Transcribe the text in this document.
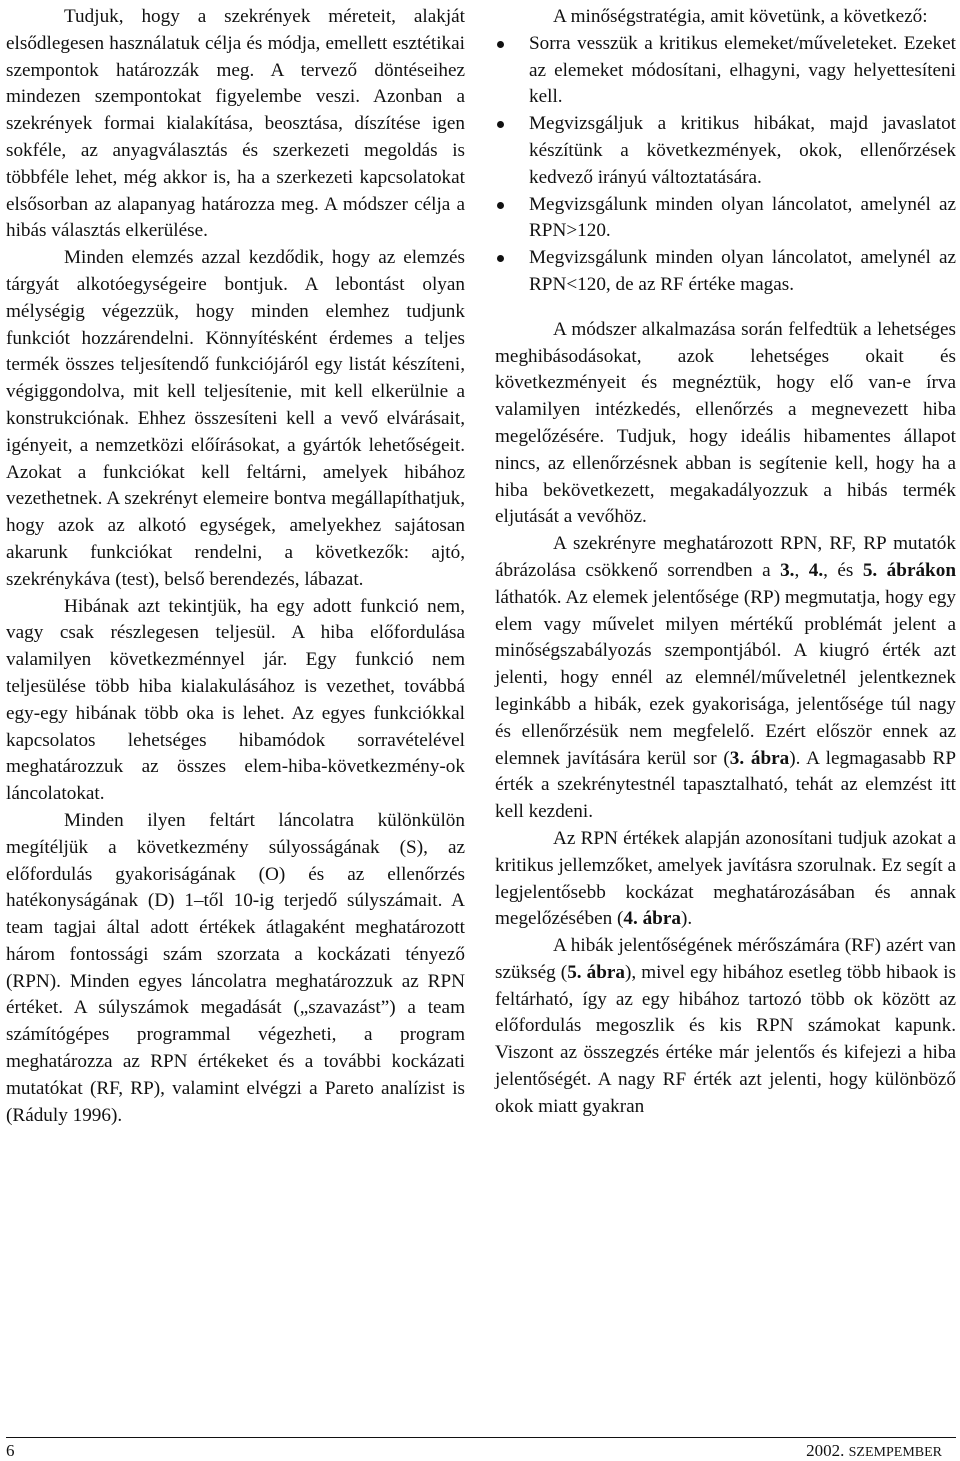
Tudjuk, hogy a szekrények méreteit, alakját elsődlegesen használatuk célja és módja, emellett esztétikai szempontok határozzák meg. A tervező döntéseihez mindezen szempontokat figyelembe veszi. Azonban a szekrények formai kialakítása, beosztása, díszítése igen sokféle, az anyagválasztás és szerkezeti megoldás is többféle lehet, még akkor is, ha a szerkezeti kapcsolatokat elsősorban az alapanyag határozza meg. A módszer célja a hibás választás elkerülése.

Minden elemzés azzal kezdődik, hogy az elemzés tárgyát alkotóegységeire bontjuk. A lebontást olyan mélységig végezzük, hogy minden elemhez tudjunk funkciót hozzárendelni. Könnyítésként érdemes a teljes termék összes teljesítendő funkciójáról egy listát készíteni, végiggondolva, mit kell teljesítenie, mit kell elkerülnie a konstrukciónak. Ehhez összesíteni kell a vevő elvárásait, igényeit, a nemzetközi előírásokat, a gyártók lehetőségeit. Azokat a funkciókat kell feltárni, amelyek hibához vezethetnek. A szekrényt elemeire bontva megállapíthatjuk, hogy azok az alkotó egységek, amelyekhez sajátosan akarunk funkciókat rendelni, a következők: ajtó, szekrénykáva (test), belső berendezés, lábazat.

Hibának azt tekintjük, ha egy adott funkció nem, vagy csak részlegesen teljesül. A hiba előfordulása valamilyen következménnyel jár. Egy funkció nem teljesülése több hiba kialakulásához is vezethet, továbbá egy-egy hibának több oka is lehet. Az egyes funkciókkal kapcsolatos lehetséges hibamódok sorravételével meghatározzuk az összes elem-hiba-következmény-ok láncolatokat.

Minden ilyen feltárt láncolatra különkülön megítéljük a következmény súlyosságának (S), az előfordulás gyakoriságának (O) és az ellenőrzés hatékonyságának (D) 1–től 10-ig terjedő súlyszámait. A team tagjai által adott értékek átlagaként meghatározott három fontossági szám szorzata a kockázati tényező (RPN). Minden egyes láncolatra meghatározzuk az RPN értéket. A súlyszámok megadását („szavazást”) a team számítógépes programmal végezheti, a program meghatározza az RPN értékeket és a további kockázati mutatókat (RF, RP), valamint elvégzi a Pareto analízist is (Ráduly 1996).

A minőségstratégia, amit követünk, a következő:

Sorra vesszük a kritikus elemeket/műveleteket. Ezeket az elemeket módosítani, elhagyni, vagy helyettesíteni kell.
Megvizsgáljuk a kritikus hibákat, majd javaslatot készítünk a következmények, okok, ellenőrzések kedvező irányú változtatására.
Megvizsgálunk minden olyan láncolatot, amelynél az RPN>120.
Megvizsgálunk minden olyan láncolatot, amelynél az RPN<120, de az RF értéke magas.

A módszer alkalmazása során felfedtük a lehetséges meghibásodásokat, azok lehetséges okait és következményeit és megnéztük, hogy elő van-e írva valamilyen intézkedés, ellenőrzés a megnevezett hiba megelőzésére. Tudjuk, hogy ideális hibamentes állapot nincs, az ellenőrzésnek abban is segítenie kell, hogy ha a hiba bekövetkezett, megakadályozzuk a hibás termék eljutását a vevőhöz.

A szekrényre meghatározott RPN, RF, RP mutatók ábrázolása csökkenő sorrendben a 3., 4., és 5. ábrákon láthatók. Az elemek jelentősége (RP) megmutatja, hogy egy elem vagy művelet milyen mértékű problémát jelent a minőségszabályozás szempontjából. A kiugró érték azt jelenti, hogy ennél az elemnél/műveletnél jelentkeznek leginkább a hibák, ezek gyakorisága, jelentősége túl nagy és ellenőrzésük nem megfelelő. Ezért először ennek az elemnek javítására kerül sor (3. ábra). A legmagasabb RP érték a szekrénytestnél tapasztalható, tehát az elemzést itt kell kezdeni.

Az RPN értékek alapján azonosítani tudjuk azokat a kritikus jellemzőket, amelyek javításra szorulnak. Ez segít a legjelentősebb kockázat meghatározásában és annak megelőzésében (4. ábra).

A hibák jelentőségének mérőszámára (RF) azért van szükség (5. ábra), mivel egy hibához esetleg több hibaok is feltárható, így az egy hibához tartozó több ok között az előfordulás megoszlik és kis RPN számokat kapunk. Viszont az összegzés értéke már jelentős és kifejezi a hiba jelentőségét. A nagy RF érték azt jelenti, hogy különböző okok miatt gyakran

6	2002. SZEMPEMBER
